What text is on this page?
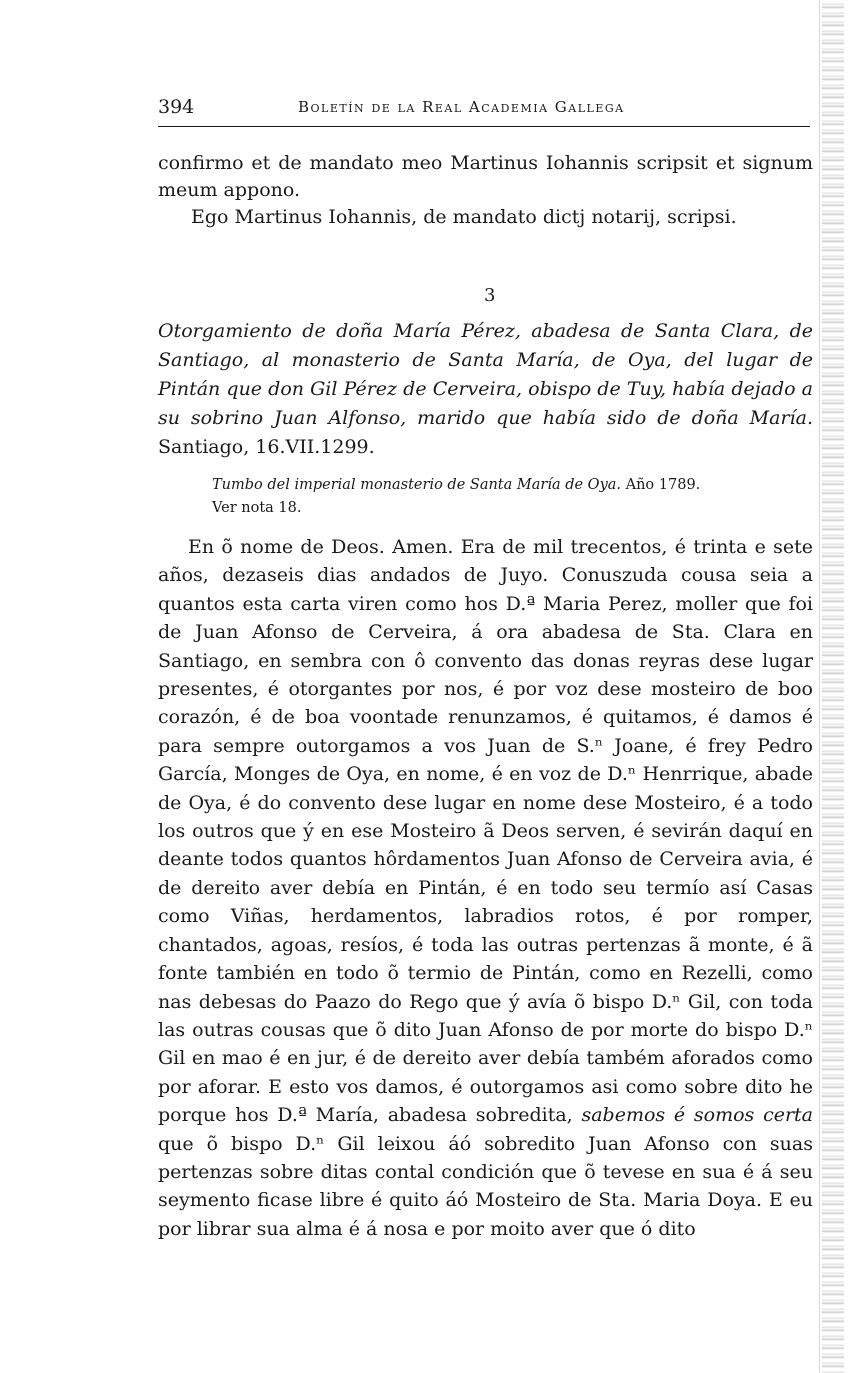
394	Boletín de la Real Academia Gallega

confirmo et de mandato meo Martinus Iohannis scripsit et signum meum appono.

Ego Martinus Iohannis, de mandato dictj notarij, scripsi.

3
Otorgamiento de doña María Pérez, abadesa de Santa Clara, de Santiago, al monasterio de Santa María, de Oya, del lugar de Pintán que don Gil Pérez de Cerveira, obispo de Tuy, había dejado a su sobrino Juan Alfonso, marido que había sido de doña María. Santiago, 16.VII.1299.
Tumbo del imperial monasterio de Santa María de Oya. Año 1789.
Ver nota 18.

En õ nome de Deos. Amen. Era de mil trecentos, é trinta e sete años, dezaseis dias andados de Juyo. Conuszuda cousa seia a quantos esta carta viren como hos D.ª Maria Perez, moller que foi de Juan Afonso de Cerveira, á ora abadesa de Sta. Clara en Santiago, en sembra con ô convento das donas reyras dese lugar presentes, é otorgantes por nos, é por voz dese mosteiro de boo corazón, é de boa voontade renunzamos, é quitamos, é damos é para sempre outorgamos a vos Juan de S.ⁿ Joane, é frey Pedro García, Monges de Oya, en nome, é en voz de D.ⁿ Henrrique, abade de Oya, é do convento dese lugar en nome dese Mosteiro, é a todo los outros que ý en ese Mosteiro ã Deos serven, é sevirán daquí en deante todos quantos hôrdamentos Juan Afonso de Cerveira avia, é de dereito aver debía en Pintán, é en todo seu termío así Casas como Viñas, herdamentos, labradios rotos, é por romper, chantados, agoas, resíos, é toda las outras pertenzas ã monte, é ã fonte también en todo õ termio de Pintán, como en Rezelli, como nas debesas do Paazo do Rego que ý avía õ bispo D.ⁿ Gil, con toda las outras cousas que õ dito Juan Afonso de por morte do bispo D.ⁿ Gil en mao é en jur, é de dereito aver debía também aforados como por aforar. E esto vos damos, é outorgamos asi como sobre dito he porque hos D.ª María, abadesa sobredita, sabemos é somos certa que õ bispo D.ⁿ Gil leixou áó sobredito Juan Afonso con suas pertenzas sobre ditas contal condición que õ tevese en sua é á seu seymento ficase libre é quito áó Mosteiro de Sta. Maria Doya. E eu por librar sua alma é á nosa e por moito aver que ó dito
